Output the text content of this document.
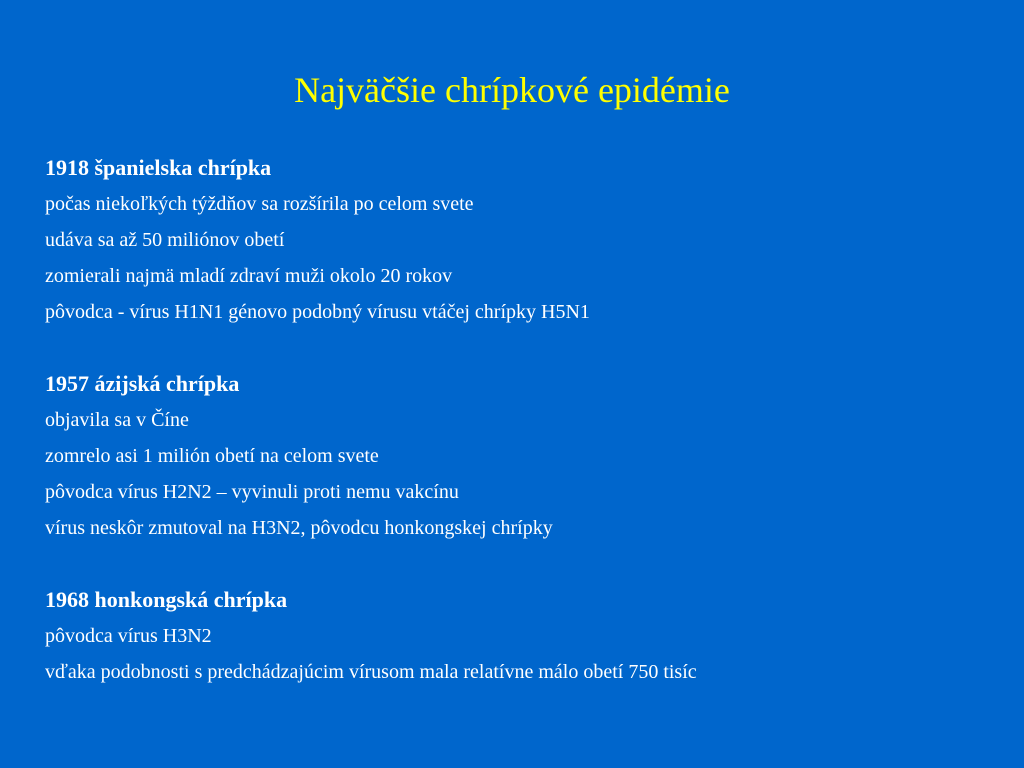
Najväčšie chrípkové epidémie
1918 španielska chrípka
počas niekoľkých týždňov sa rozšírila po celom svete
udáva sa až 50 miliónov obetí
zomierali najmä mladí zdraví muži okolo 20 rokov
pôvodca - vírus H1N1 génovo podobný vírusu vtáčej chrípky H5N1
1957 ázijská chrípka
objavila sa v Číne
zomrelo asi 1 milión obetí na celom svete
pôvodca vírus H2N2 – vyvinuli proti nemu vakcínu
vírus neskôr zmutoval na H3N2, pôvodcu honkongskej chrípky
1968 honkongská chrípka
pôvodca vírus H3N2
vďaka podobnosti s predchádzajúcim vírusom mala relatívne málo obetí 750 tisíc
